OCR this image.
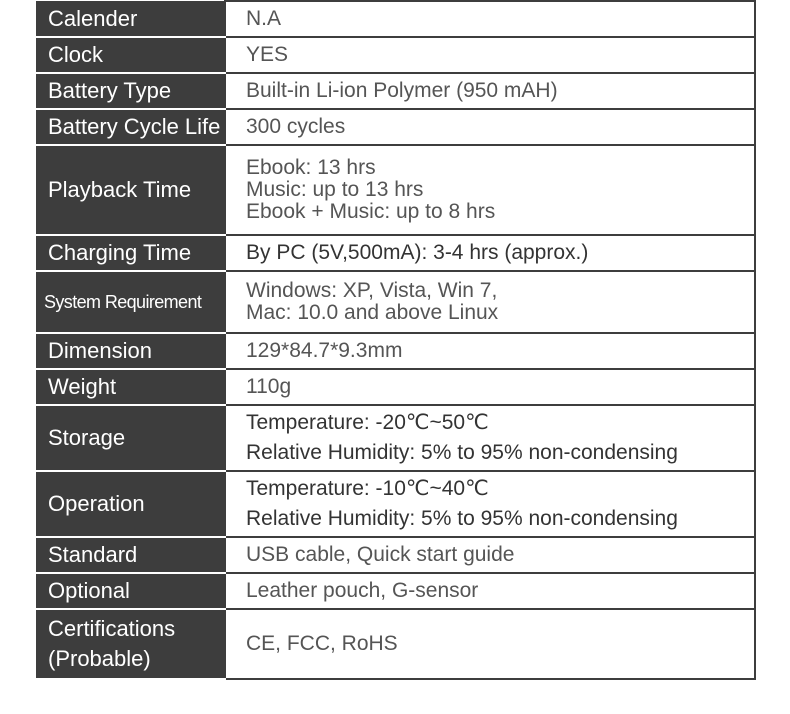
Calender	N.A

Clock	YES

Battery Type	Built-in Li-ion Polymer (950 mAH)

Battery Cycle Life	300 cycles

Playback Time	Ebook: 13 hrs
Music: up to 13 hrs
Ebook + Music: up to 8 hrs

Charging Time	By PC (5V,500mA): 3-4 hrs (approx.)

System Requirement	Windows: XP, Vista, Win 7,
Mac: 10.0 and above Linux

Dimension	129*84.7*9.3mm

Weight	110g

Storage	Temperature: -20℃~50℃
Relative Humidity: 5% to 95% non-condensing

Operation	Temperature: -10℃~40℃
Relative Humidity: 5% to 95% non-condensing

Standard	USB cable, Quick start guide

Optional	Leather pouch, G-sensor

Certifications
(Probable)	CE, FCC, RoHS
